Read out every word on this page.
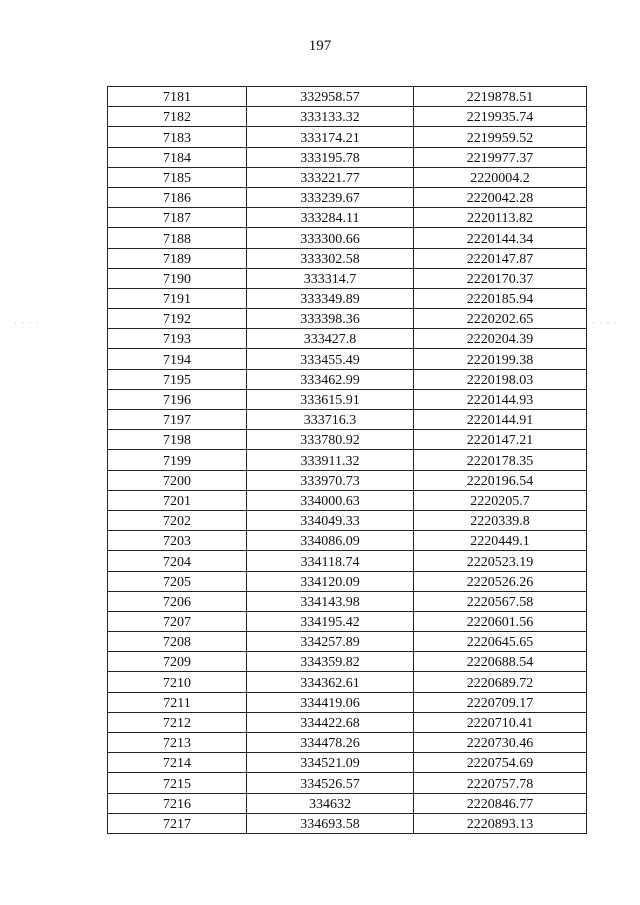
197
· · · ·	· · · ·
7181	332958.57	2219878.51
7182	333133.32	2219935.74
7183	333174.21	2219959.52
7184	333195.78	2219977.37
7185	333221.77	2220004.2
7186	333239.67	2220042.28
7187	333284.11	2220113.82
7188	333300.66	2220144.34
7189	333302.58	2220147.87
7190	333314.7	2220170.37
7191	333349.89	2220185.94
7192	333398.36	2220202.65
7193	333427.8	2220204.39
7194	333455.49	2220199.38
7195	333462.99	2220198.03
7196	333615.91	2220144.93
7197	333716.3	2220144.91
7198	333780.92	2220147.21
7199	333911.32	2220178.35
7200	333970.73	2220196.54
7201	334000.63	2220205.7
7202	334049.33	2220339.8
7203	334086.09	2220449.1
7204	334118.74	2220523.19
7205	334120.09	2220526.26
7206	334143.98	2220567.58
7207	334195.42	2220601.56
7208	334257.89	2220645.65
7209	334359.82	2220688.54
7210	334362.61	2220689.72
7211	334419.06	2220709.17
7212	334422.68	2220710.41
7213	334478.26	2220730.46
7214	334521.09	2220754.69
7215	334526.57	2220757.78
7216	334632	2220846.77
7217	334693.58	2220893.13
